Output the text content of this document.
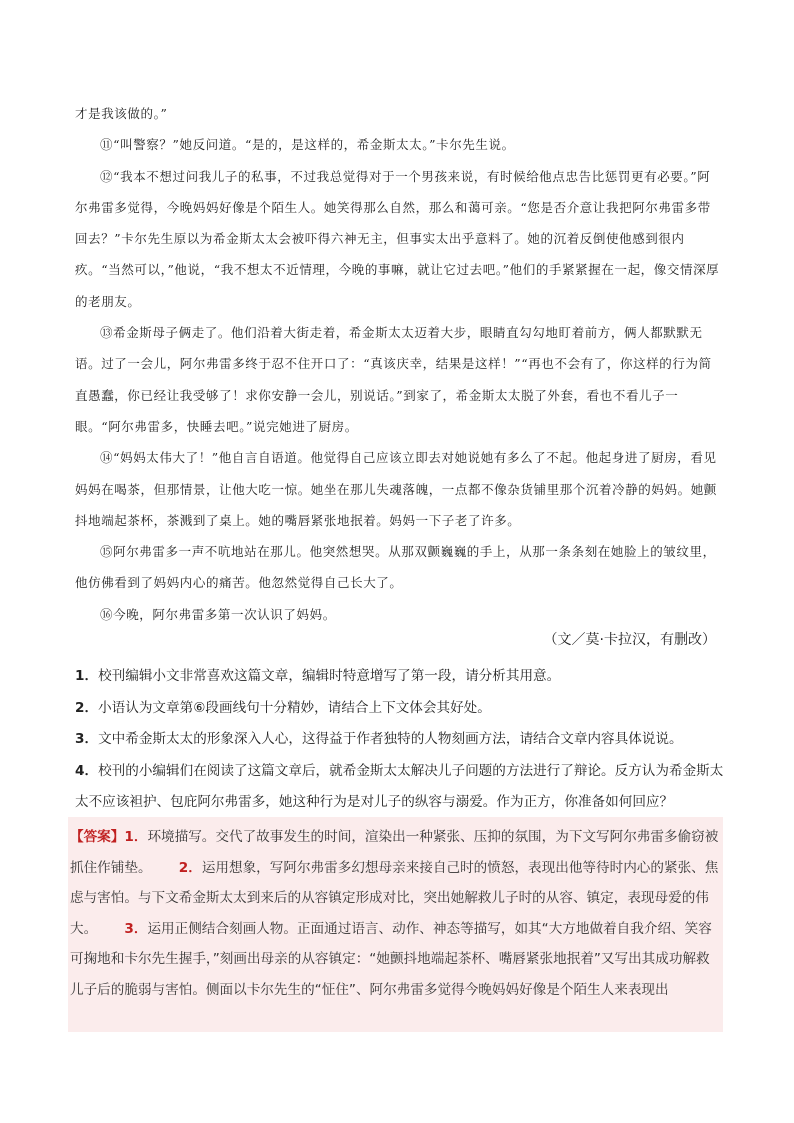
才是我该做的。”

⑪“叫警察？”她反问道。“是的，是这样的，希金斯太太。”卡尔先生说。

⑫“我本不想过问我儿子的私事，不过我总觉得对于一个男孩来说，有时候给他点忠告比惩罚更有必要。”阿尔弗雷多觉得，今晚妈妈好像是个陌生人。她笑得那么自然，那么和蔼可亲。“您是否介意让我把阿尔弗雷多带回去？”卡尔先生原以为希金斯太太会被吓得六神无主，但事实太出乎意料了。她的沉着反倒使他感到很内疚。“当然可以，”他说，“我不想太不近情理，今晚的事嘛，就让它过去吧。”他们的手紧紧握在一起，像交情深厚的老朋友。

⑬希金斯母子俩走了。他们沿着大街走着，希金斯太太迈着大步，眼睛直勾勾地盯着前方，俩人都默默无语。过了一会儿，阿尔弗雷多终于忍不住开口了：“真该庆幸，结果是这样！”“再也不会有了，你这样的行为简直愚蠢，你已经让我受够了！求你安静一会儿，别说话。”到家了，希金斯太太脱了外套，看也不看儿子一眼。“阿尔弗雷多，快睡去吧。”说完她进了厨房。

⑭“妈妈太伟大了！”他自言自语道。他觉得自己应该立即去对她说她有多么了不起。他起身进了厨房，看见妈妈在喝茶，但那情景，让他大吃一惊。她坐在那儿失魂落魄，一点都不像杂货铺里那个沉着冷静的妈妈。她颤抖地端起茶杯，茶溅到了桌上。她的嘴唇紧张地抿着。妈妈一下子老了许多。

⑮阿尔弗雷多一声不吭地站在那儿。他突然想哭。从那双颤巍巍的手上，从那一条条刻在她脸上的皱纹里，他仿佛看到了妈妈内心的痛苦。他忽然觉得自己长大了。

⑯今晚，阿尔弗雷多第一次认识了妈妈。

（文／莫·卡拉汉，有删改）

1．校刊编辑小文非常喜欢这篇文章，编辑时特意增写了第一段，请分析其用意。

2．小语认为文章第⑥段画线句十分精妙，请结合上下文体会其好处。

3．文中希金斯太太的形象深入人心，这得益于作者独特的人物刻画方法，请结合文章内容具体说说。

4．校刊的小编辑们在阅读了这篇文章后，就希金斯太太解决儿子问题的方法进行了辩论。反方认为希金斯太太不应该袒护、包庇阿尔弗雷多，她这种行为是对儿子的纵容与溺爱。作为正方，你准备如何回应？

【答案】1．环境描写。交代了故事发生的时间，渲染出一种紧张、压抑的氛围，为下文写阿尔弗雷多偷窃被抓住作铺垫。   2．运用想象，写阿尔弗雷多幻想母亲来接自己时的愤怒，表现出他等待时内心的紧张、焦虑与害怕。与下文希金斯太太到来后的从容镇定形成对比，突出她解救儿子时的从容、镇定，表现母爱的伟大。   3．运用正侧结合刻画人物。正面通过语言、动作、神态等描写，如其“大方地做着自我介绍、笑容可掬地和卡尔先生握手，”刻画出母亲的从容镇定：“她颤抖地端起茶杯、嘴唇紧张地抿着”又写出其成功解救儿子后的脆弱与害怕。侧面以卡尔先生的“怔住”、阿尔弗雷多觉得今晚妈妈好像是个陌生人来表现出
